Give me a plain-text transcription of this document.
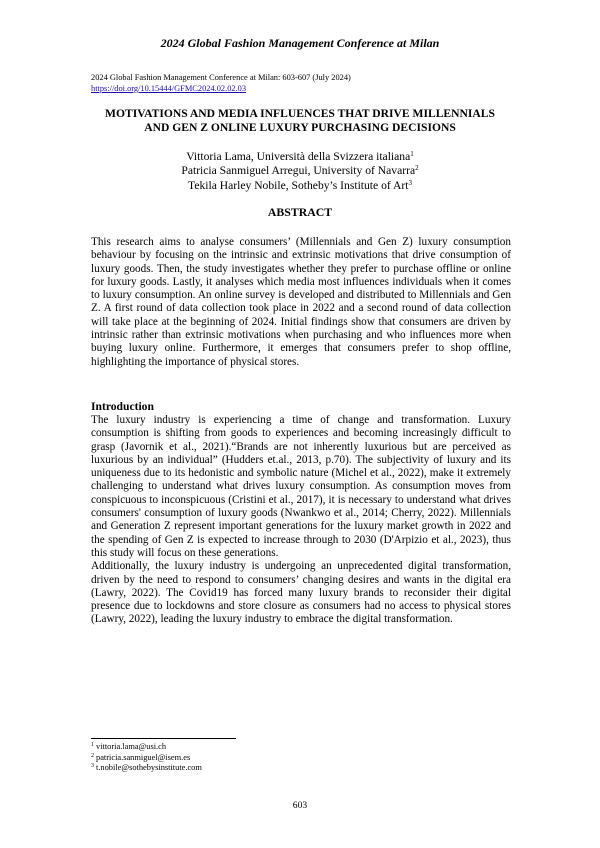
2024 Global Fashion Management Conference at Milan
2024 Global Fashion Management Conference at Milan: 603-607 (July 2024)
https://doi.org/10.15444/GFMC2024.02.02.03
MOTIVATIONS AND MEDIA INFLUENCES THAT DRIVE MILLENNIALS
AND GEN Z ONLINE LUXURY PURCHASING DECISIONS
Vittoria Lama, Università della Svizzera italiana$^1$
Patricia Sanmiguel Arregui, University of Navarra$^2$
Tekila Harley Nobile, Sotheby’s Institute of Art$^3$
ABSTRACT
This research aims to analyse consumers’ (Millennials and Gen Z) luxury consumption behaviour by focusing on the intrinsic and extrinsic motivations that drive consumption of luxury goods. Then, the study investigates whether they prefer to purchase offline or online for luxury goods. Lastly, it analyses which media most influences individuals when it comes to luxury consumption. An online survey is developed and distributed to Millennials and Gen Z. A first round of data collection took place in 2022 and a second round of data collection will take place at the beginning of 2024. Initial findings show that consumers are driven by intrinsic rather than extrinsic motivations when purchasing and who influences more when buying luxury online. Furthermore, it emerges that consumers prefer to shop offline, highlighting the importance of physical stores.
Introduction

The luxury industry is experiencing a time of change and transformation. Luxury consumption is shifting from goods to experiences and becoming increasingly difficult to grasp (Javornik et al., 2021).“Brands are not inherently luxurious but are perceived as luxurious by an individual” (Hudders et.al., 2013, p.70). The subjectivity of luxury and its uniqueness due to its hedonistic and symbolic nature (Michel et al., 2022), make it extremely challenging to understand what drives luxury consumption. As consumption moves from conspicuous to inconspicuous (Cristini et al., 2017), it is necessary to understand what drives consumers' consumption of luxury goods (Nwankwo et al., 2014; Cherry, 2022). Millennials and Generation Z represent important generations for the luxury market growth in 2022 and the spending of Gen Z is expected to increase through to 2030 (D'Arpizio et al., 2023), thus this study will focus on these generations.

Additionally, the luxury industry is undergoing an unprecedented digital transformation, driven by the need to respond to consumers’ changing desires and wants in the digital era (Lawry, 2022). The Covid19 has forced many luxury brands to reconsider their digital presence due to lockdowns and store closure as consumers had no access to physical stores (Lawry, 2022), leading the luxury industry to embrace the digital transformation.

$^1$ vittoria.lama@usi.ch
$^2$ patricia.sanmiguel@isem.es
$^3$ t.nobile@sothebysinstitute.com
603
